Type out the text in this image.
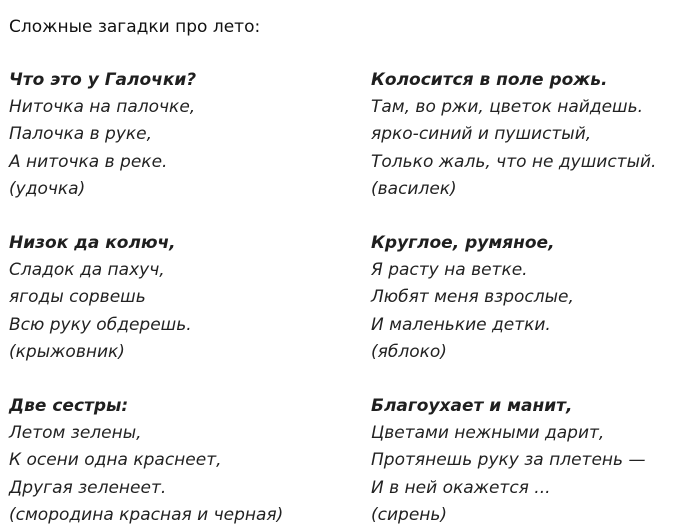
Сложные загадки про лето:
Что это у Галочки?
Ниточка на палочке,
Палочка в руке,
А ниточка в реке.
(удочка)
Колосится в поле рожь.
Там, во ржи, цветок найдешь.
ярко-синий и пушистый,
Только жаль, что не душистый.
(василек)
Низок да колюч,
Сладок да пахуч,
ягоды сорвешь
Всю руку обдерешь.
(крыжовник)
Круглое, румяное,
Я расту на ветке.
Любят меня взрослые,
И маленькие детки.
(яблоко)
Две сестры:
Летом зелены,
К осени одна краснеет,
Другая зеленеет.
(смородина красная и черная)
Благоухает и манит,
Цветами нежными дарит,
Протянешь руку за плетень —
И в ней окажется ...
(сирень)
